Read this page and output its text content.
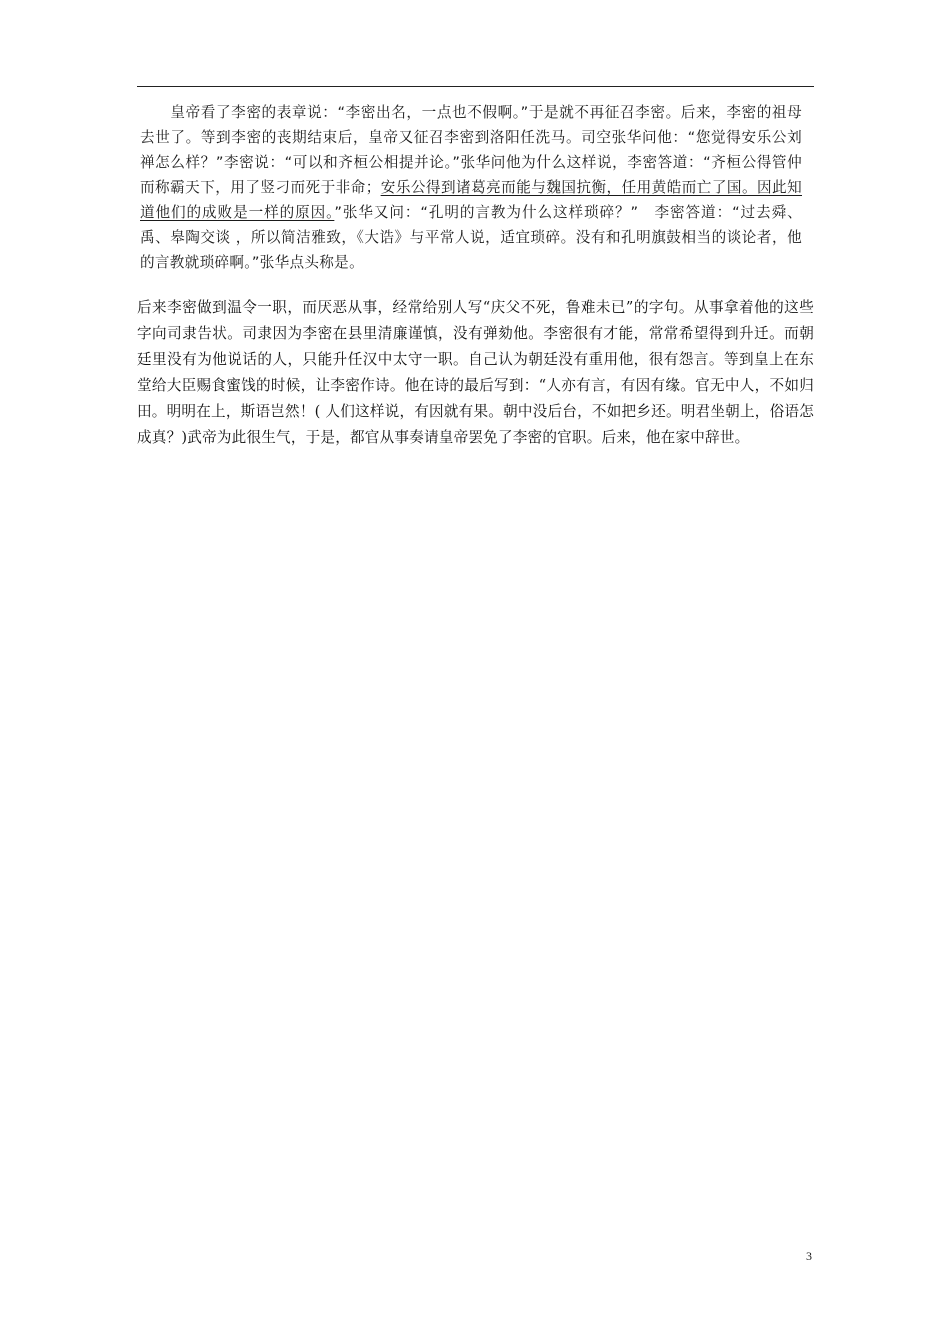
　　皇帝看了李密的表章说：“李密出名，一点也不假啊。”于是就不再征召李密。后来，李密的祖母去世了。等到李密的丧期结束后，皇帝又征召李密到洛阳任洗马。司空张华问他：“您觉得安乐公刘禅怎么样？”李密说：“可以和齐桓公相提并论。”张华问他为什么这样说，李密答道：“齐桓公得管仲而称霸天下，用了竖刁而死于非命；安乐公得到诸葛亮而能与魏国抗衡，任用黄皓而亡了国。因此知道他们的成败是一样的原因。”张华又问：“孔明的言教为什么这样琐碎？”　李密答道：“过去舜、禹、皋陶交谈 ，所以简洁雅致，《大诰》与平常人说，适宜琐碎。没有和孔明旗鼓相当的谈论者，他的言教就琐碎啊。”张华点头称是。
后来李密做到温令一职，而厌恶从事，经常给别人写“庆父不死，鲁难未已”的字句。从事拿着他的这些字向司隶告状。司隶因为李密在县里清廉谨慎，没有弹劾他。李密很有才能，常常希望得到升迁。而朝廷里没有为他说话的人，只能升任汉中太守一职。自己认为朝廷没有重用他，很有怨言。等到皇上在东堂给大臣赐食蜜饯的时候，让李密作诗。他在诗的最后写到：“人亦有言，有因有缘。官无中人，不如归田。明明在上，斯语岂然！( 人们这样说，有因就有果。朝中没后台，不如把乡还。明君坐朝上，俗语怎成真？)武帝为此很生气，于是，都官从事奏请皇帝罢免了李密的官职。后来，他在家中辞世。
3
